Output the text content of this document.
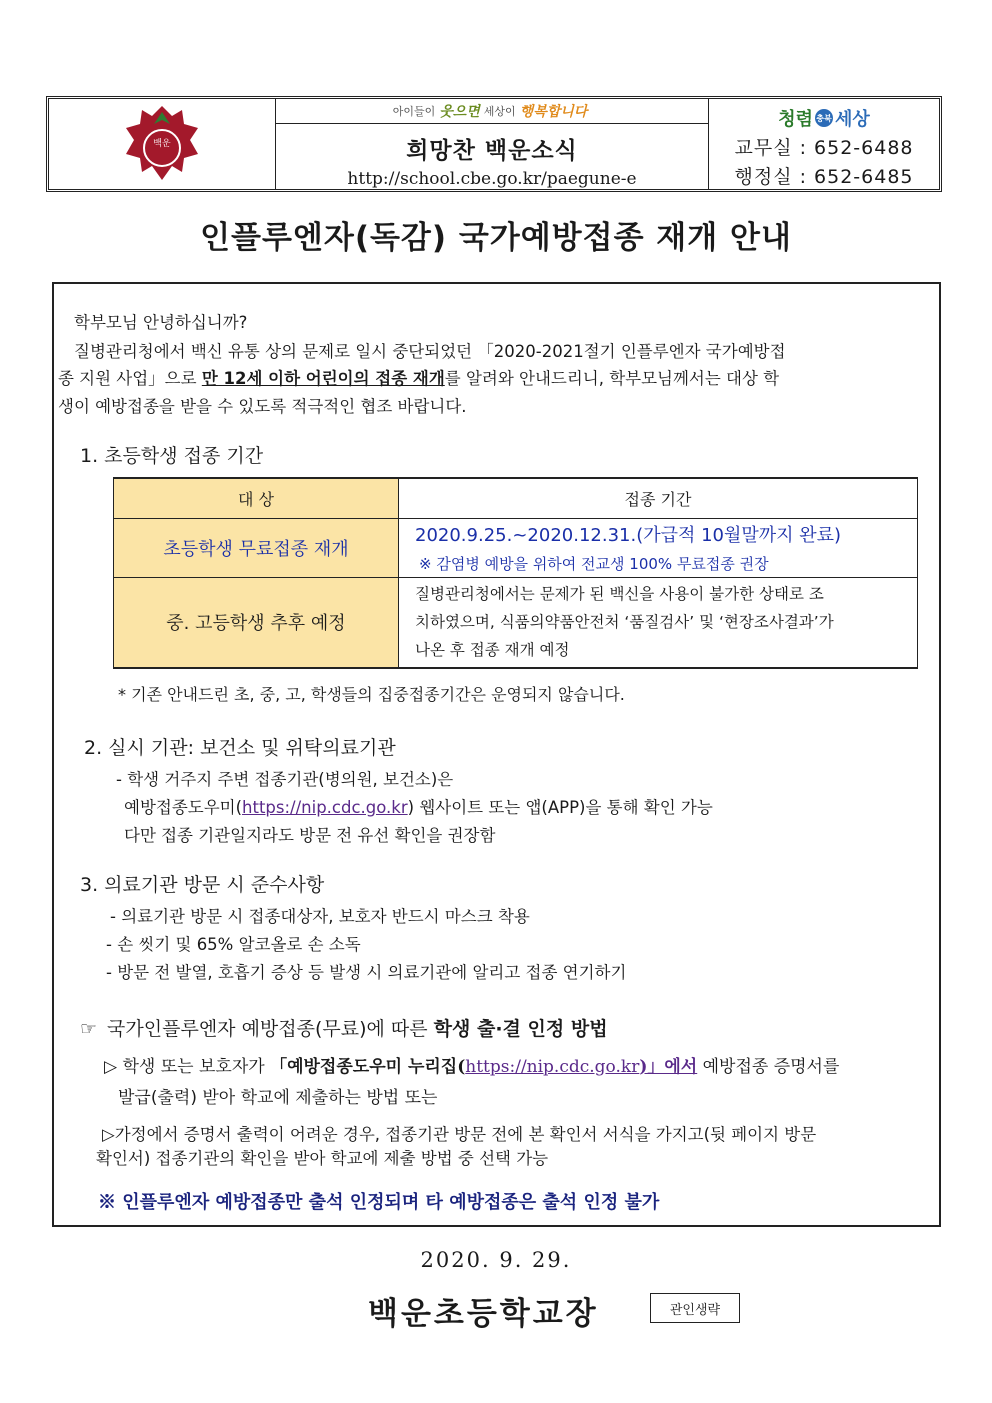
백운
아이들이 웃으면 세상이 행복합니다
희망찬 백운소식
http://school.cbe.go.kr/paegune-e
청렴 충북 세상
교무실 : 652-6488
행정실 : 652-6485
인플루엔자(독감) 국가예방접종 재개 안내
학부모님 안녕하십니까?
질병관리청에서 백신 유통 상의 문제로 일시 중단되었던 「2020-2021절기 인플루엔자 국가예방접
종 지원 사업」으로 만 12세 이하 어린이의 접종 재개를 알려와 안내드리니, 학부모님께서는 대상 학
생이 예방접종을 받을 수 있도록 적극적인 협조 바랍니다.
1. 초등학생 접종 기간
대 상	접종 기간
초등학생 무료접종 재개	2020.9.25.~2020.12.31.(가급적 10월말까지 완료)
※ 감염병 예방을 위하여 전교생 100% 무료접종 권장

중. 고등학생 추후 예정	질병관리청에서는 문제가 된 백신을 사용이 불가한 상태로 조
치하였으며, 식품의약품안전처 ‘품질검사’ 및 ‘현장조사결과’가
나온 후 접종 재개 예정
* 기존 안내드린 초, 중, 고, 학생들의 집중접종기간은 운영되지 않습니다.
2. 실시 기관: 보건소 및 위탁의료기관
- 학생 거주지 주변 접종기관(병의원, 보건소)은
예방접종도우미(https://nip.cdc.go.kr) 웹사이트 또는 앱(APP)을 통해 확인 가능
다만 접종 기관일지라도 방문 전 유선 확인을 권장함
3. 의료기관 방문 시 준수사항
- 의료기관 방문 시 접종대상자, 보호자 반드시 마스크 착용
- 손 씻기 및 65% 알코올로 손 소독
- 방문 전 발열, 호흡기 증상 등 발생 시 의료기관에 알리고 접종 연기하기
☞ 국가인플루엔자 예방접종(무료)에 따른 학생 출·결 인정 방법
▷ 학생 또는 보호자가 「예방접종도우미 누리집(https://nip.cdc.go.kr)」에서 예방접종 증명서를
발급(출력) 받아 학교에 제출하는 방법 또는
▷가정에서 증명서 출력이 어려운 경우, 접종기관 방문 전에 본 확인서 서식을 가지고(뒷 페이지 방문
확인서) 접종기관의 확인을 받아 학교에 제출 방법 중 선택 가능
※ 인플루엔자 예방접종만 출석 인정되며 타 예방접종은 출석 인정 불가
2020. 9. 29.
백운초등학교장	관인생략
